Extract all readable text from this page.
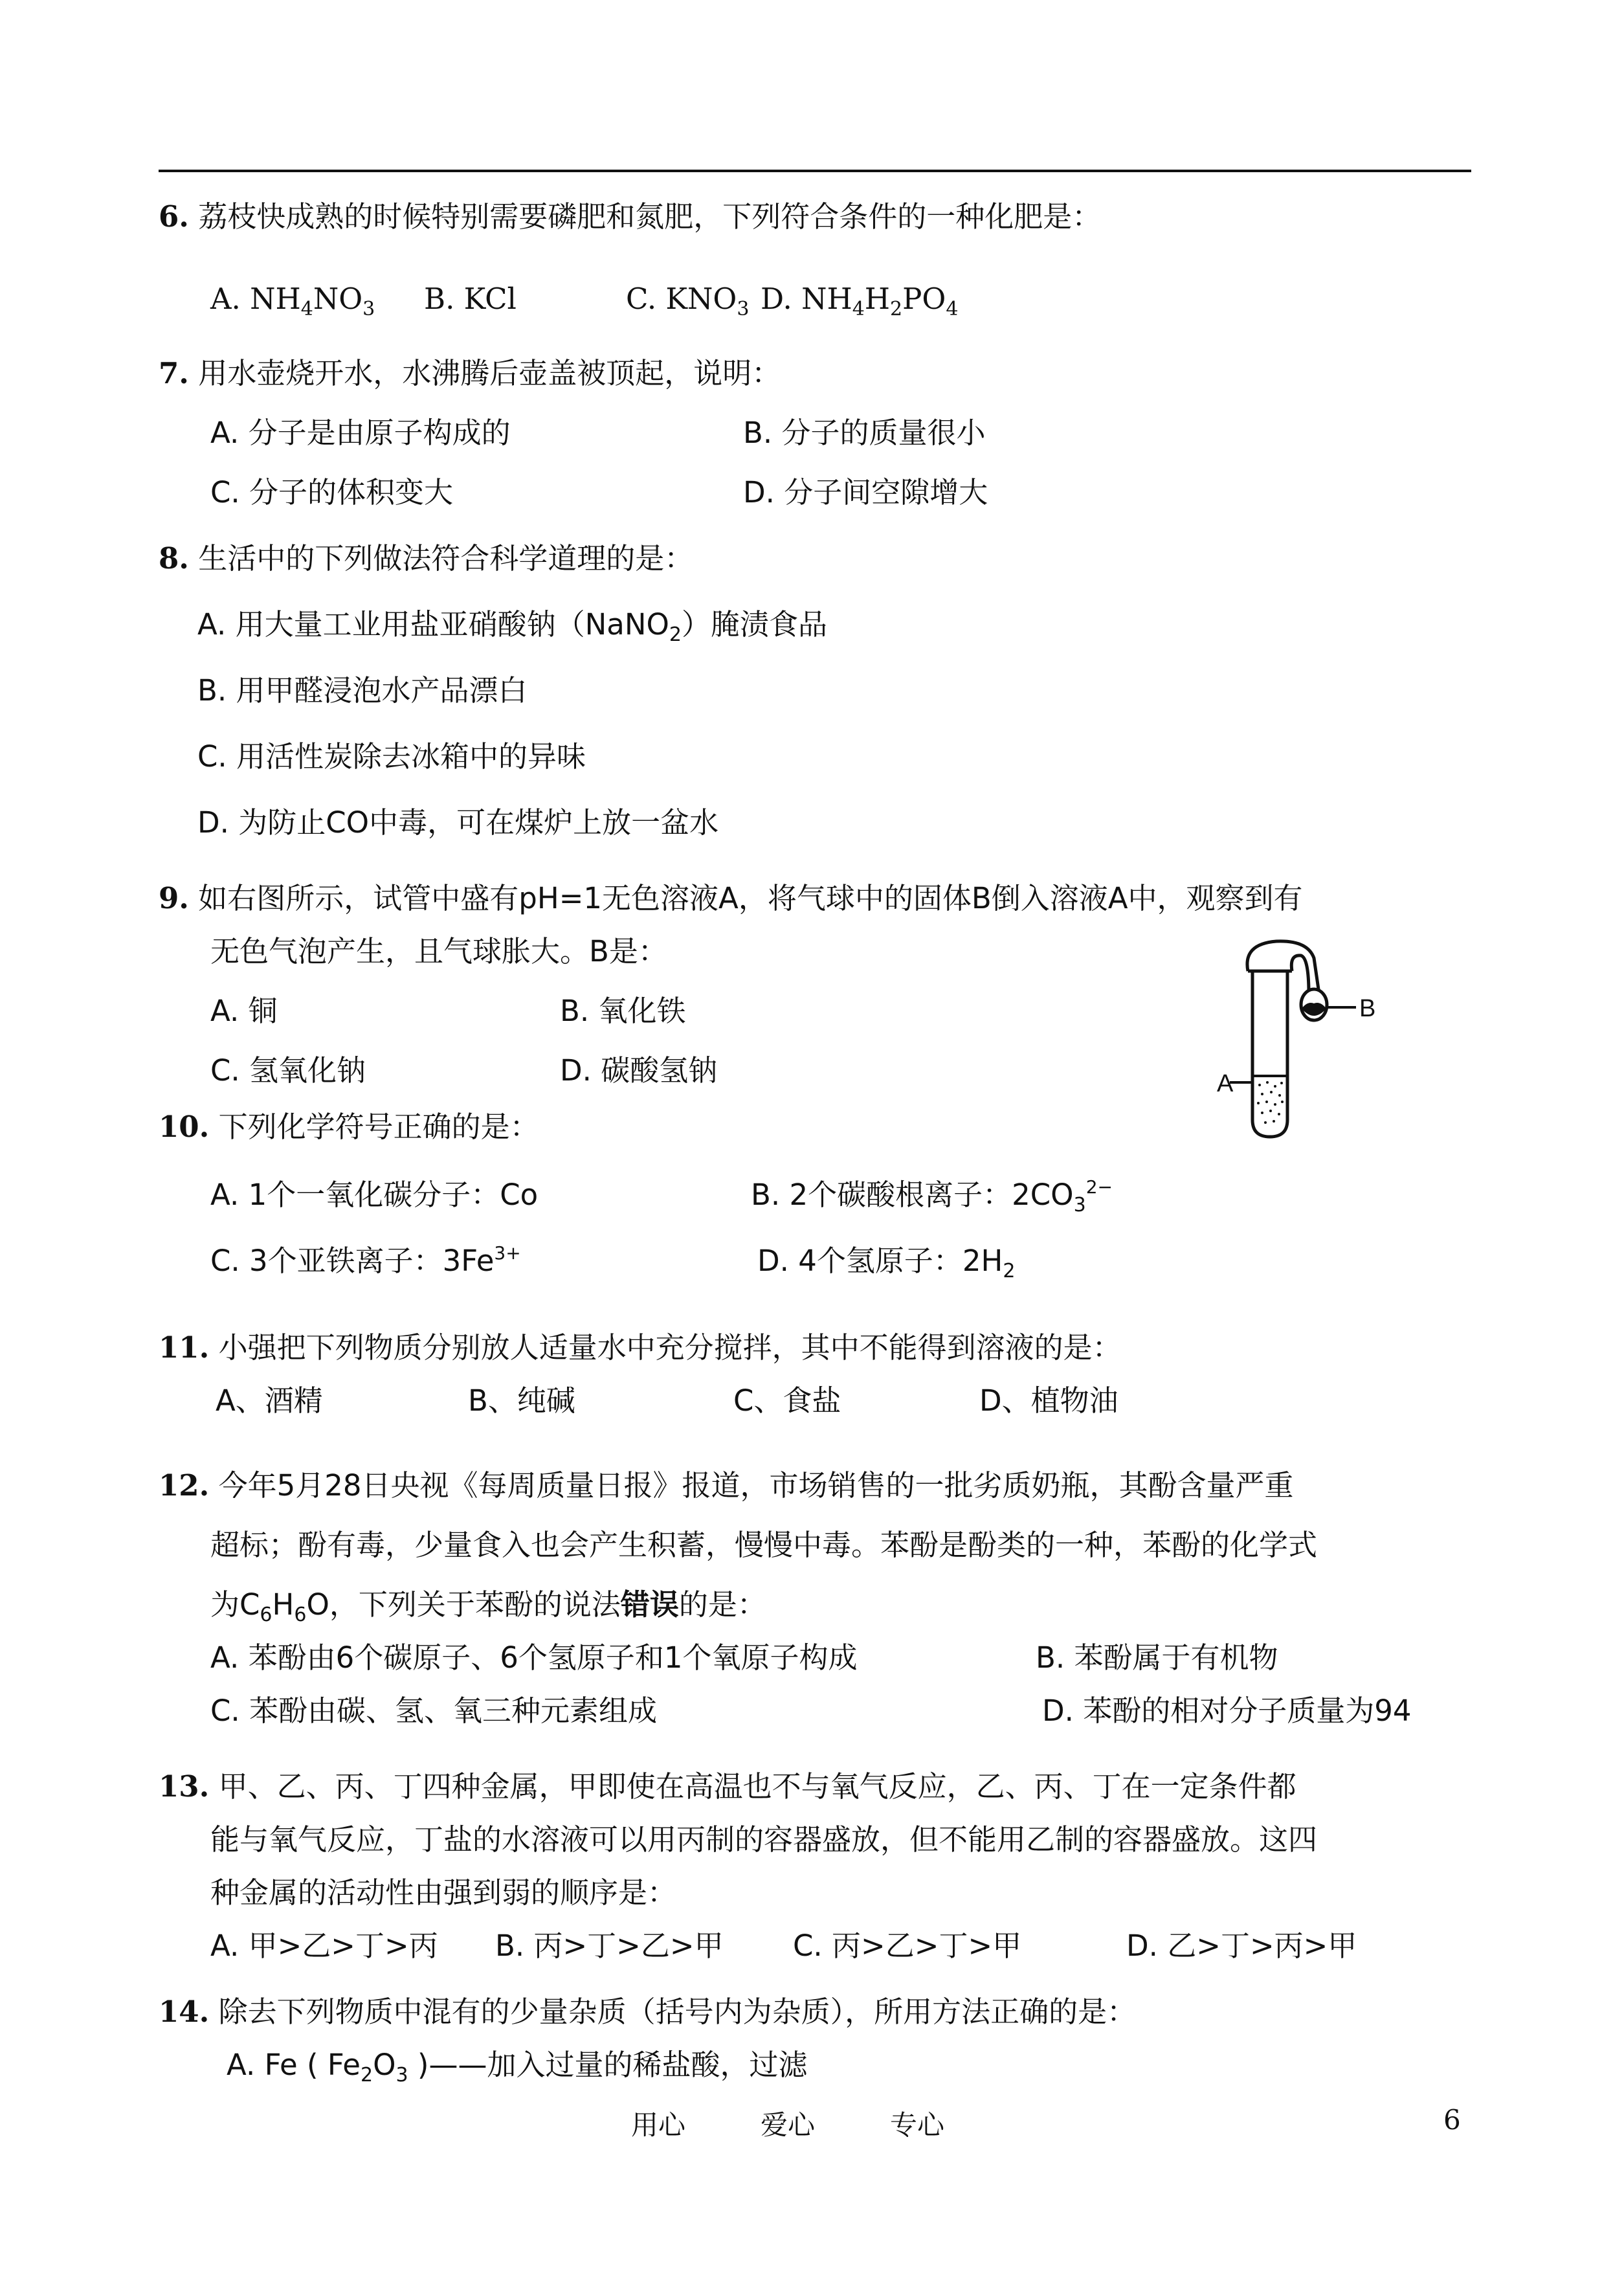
6. 荔枝快成熟的时候特别需要磷肥和氮肥，下列符合条件的一种化肥是：
A. $NH_4NO_3$ B. KCl	C. $KNO_3$ D. $NH_4H_2PO_4$
7. 用水壶烧开水，水沸腾后壶盖被顶起，说明：
A. 分子是由原子构成的	B. 分子的质量很小
C. 分子的体积变大	D. 分子间空隙增大
8. 生活中的下列做法符合科学道理的是：
A. 用大量工业用盐亚硝酸钠（NaNO$_2$）腌渍食品
B. 用甲醛浸泡水产品漂白
C. 用活性炭除去冰箱中的异味
D. 为防止CO中毒，可在煤炉上放一盆水
9. 如右图所示，试管中盛有pH=1无色溶液A，将气球中的固体B倒入溶液A中，观察到有
无色气泡产生，且气球胀大。B是：
A. 铜	B. 氧化铁
C. 氢氧化钠	D. 碳酸氢钠
B
A
10. 下列化学符号正确的是：
A. 1个一氧化碳分子：Co	B. 2个碳酸根离子：$2CO_3^{2-}$
C. 3个亚铁离子：$3Fe^{3+}$	D. 4个氢原子：$2H_2$
11. 小强把下列物质分别放人适量水中充分搅拌，其中不能得到溶液的是：
A、酒精	B、纯碱	C、食盐	D、植物油
12. 今年5月28日央视《每周质量日报》报道，市场销售的一批劣质奶瓶，其酚含量严重
超标；酚有毒，少量食入也会产生积蓄，慢慢中毒。苯酚是酚类的一种，苯酚的化学式
为$C_6H_6O$，下列关于苯酚的说法错误的是：
A. 苯酚由6个碳原子、6个氢原子和1个氧原子构成	B. 苯酚属于有机物
C. 苯酚由碳、氢、氧三种元素组成	D. 苯酚的相对分子质量为94
13. 甲、乙、丙、丁四种金属，甲即使在高温也不与氧气反应，乙、丙、丁在一定条件都
能与氧气反应，丁盐的水溶液可以用丙制的容器盛放，但不能用乙制的容器盛放。这四
种金属的活动性由强到弱的顺序是：
A. 甲>乙>丁>丙 B. 丙>丁>乙>甲 C. 丙>乙>丁>甲	D. 乙>丁>丙>甲
14. 除去下列物质中混有的少量杂质（括号内为杂质），所用方法正确的是：
A. Fe ( $Fe_2O_3$ )——加入过量的稀盐酸，过滤
用心	爱心	专心	6
